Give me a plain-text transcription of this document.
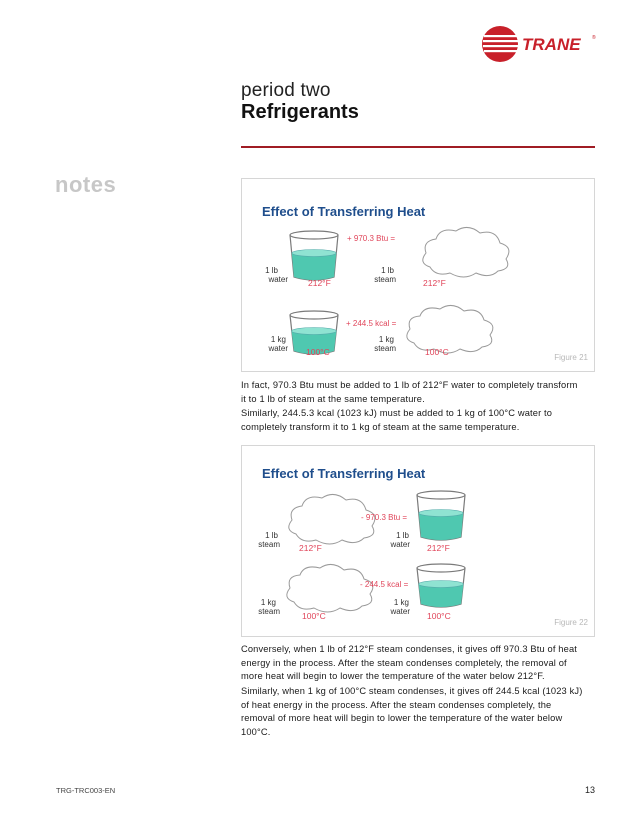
TRANE ®
period two
Refrigerants
notes
Effect of Transferring Heat
1 lb
water 212°F
+ 970.3 Btu =
1 lb
steam	212°F
1 kg
water 100°C
+ 244.5 kcal =
1 kg
steam	100°C
Figure 21
In fact, 970.3 Btu must be added to 1 lb of 212°F water to completely transform
it to 1 lb of steam at the same temperature.
Similarly, 244.5.3 kcal (1023 kJ) must be added to 1 kg of 100°C water to
completely transform it to 1 kg of steam at the same temperature.
Effect of Transferring Heat
1 lb
steam 212°F
- 970.3 Btu =
1 lb
water 212°F
1 kg
steam	100°C
- 244.5 kcal =
1 kg
water 100°C
Figure 22
Conversely, when 1 lb of 212°F steam condenses, it gives off 970.3 Btu of heat
energy in the process. After the steam condenses completely, the removal of
more heat will begin to lower the temperature of the water below 212°F.
Similarly, when 1 kg of 100°C steam condenses, it gives off 244.5 kcal (1023 kJ)
of heat energy in the process. After the steam condenses completely, the
removal of more heat will begin to lower the temperature of the water below
100°C.
TRG-TRC003-EN	13
